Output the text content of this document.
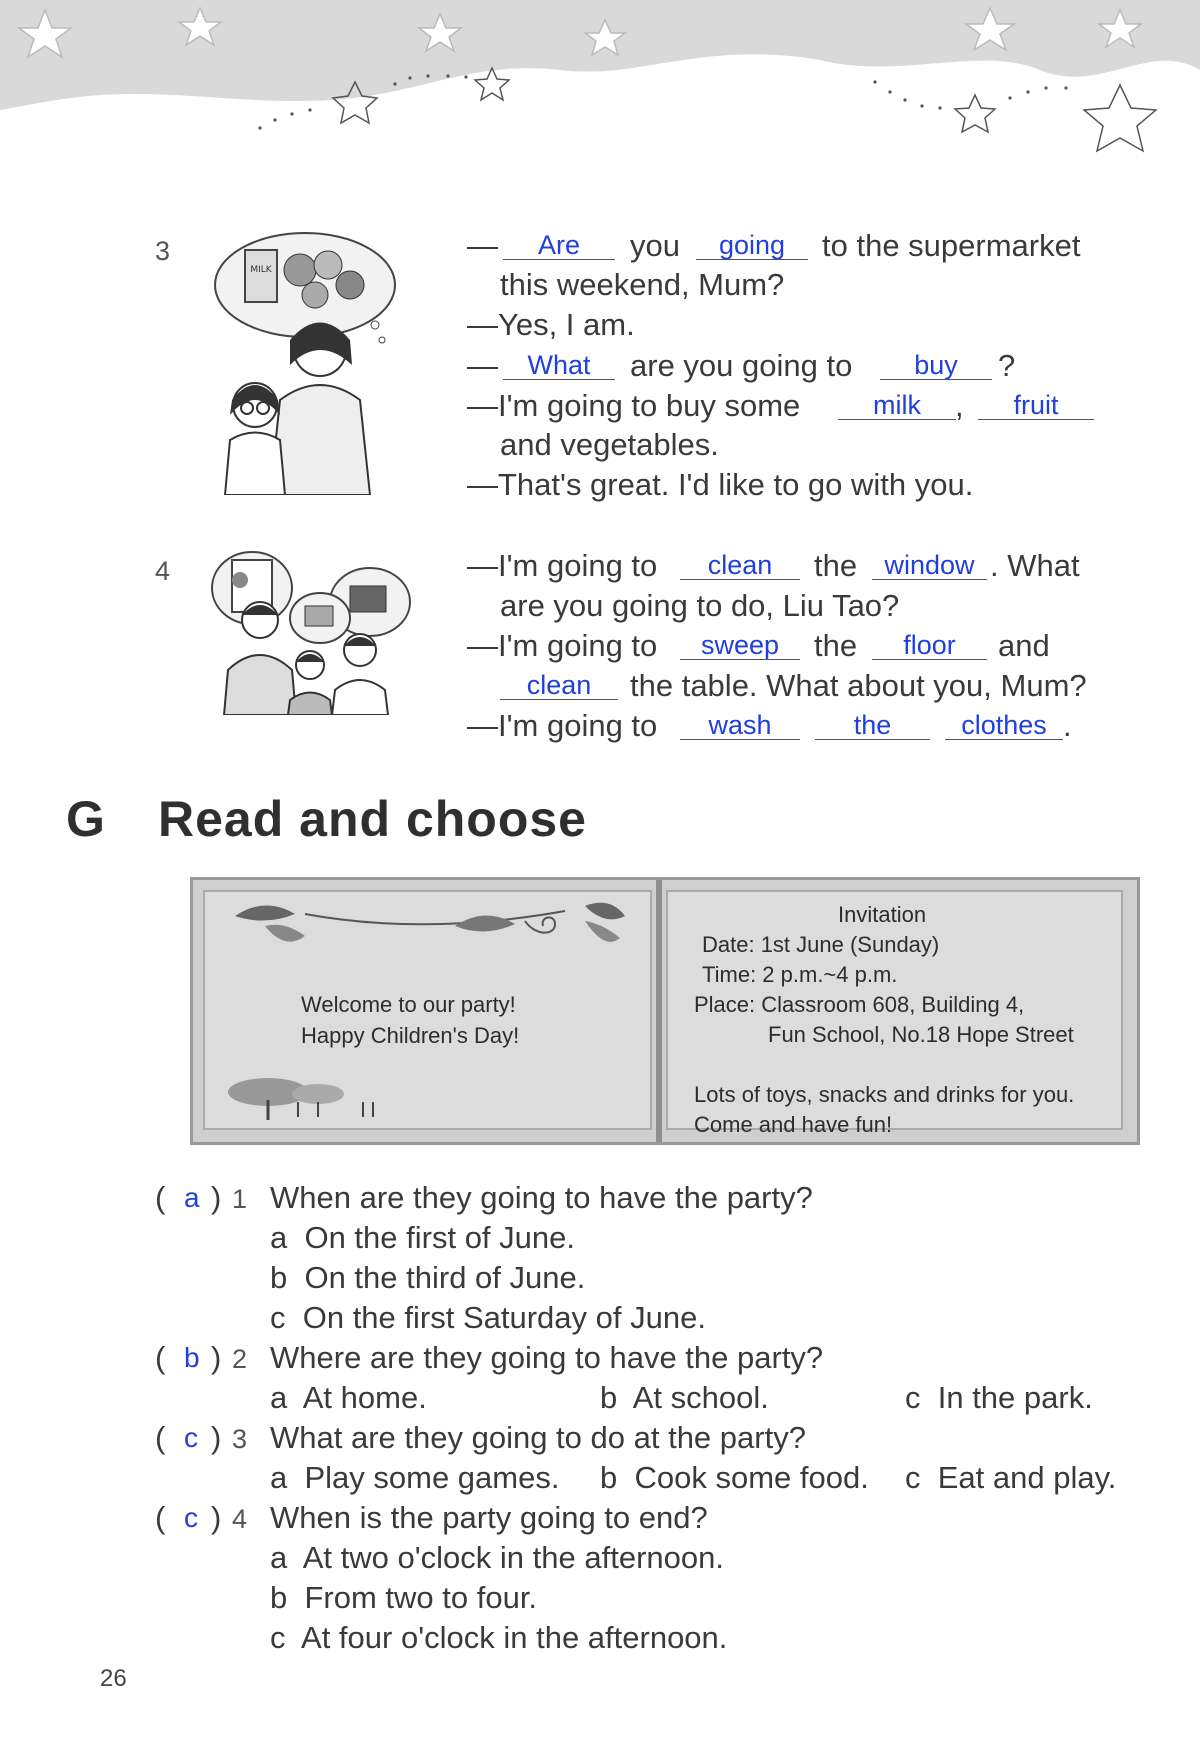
3
MILK
—	Are	you	going	to the supermarket
this weekend, Mum?
—Yes, I am.
—	What	are you going to	buy	?
—I'm going to buy some	milk	,	fruit
and vegetables.
—That's great. I'd like to go with you.
4	—I'm going to	clean	the	window . What
are you going to do, Liu Tao?
—I'm going to	sweep	the	floor	and
clean	the table. What about you, Mum?
—I'm going to	wash	the	clothes .
G Read and choose
Welcome to our party!
Happy Children's Day!
Invitation
Date: 1st June (Sunday)
Time: 2 p.m.~4 p.m.
Place: Classroom 608, Building 4,
Fun School, No.18 Hope Street
Lots of toys, snacks and drinks for you.
Come and have fun!
( a ) 1 When are they going to have the party?
a  On the first of June.
b  On the third of June.
c  On the first Saturday of June.
( b ) 2 Where are they going to have the party?
a  At home.	b  At school.	c  In the park.
( c ) 3 What are they going to do at the party?
a  Play some games. b  Cook some food. c  Eat and play.
( c ) 4 When is the party going to end?
a  At two o'clock in the afternoon.
b  From two to four.
c  At four o'clock in the afternoon.
26
